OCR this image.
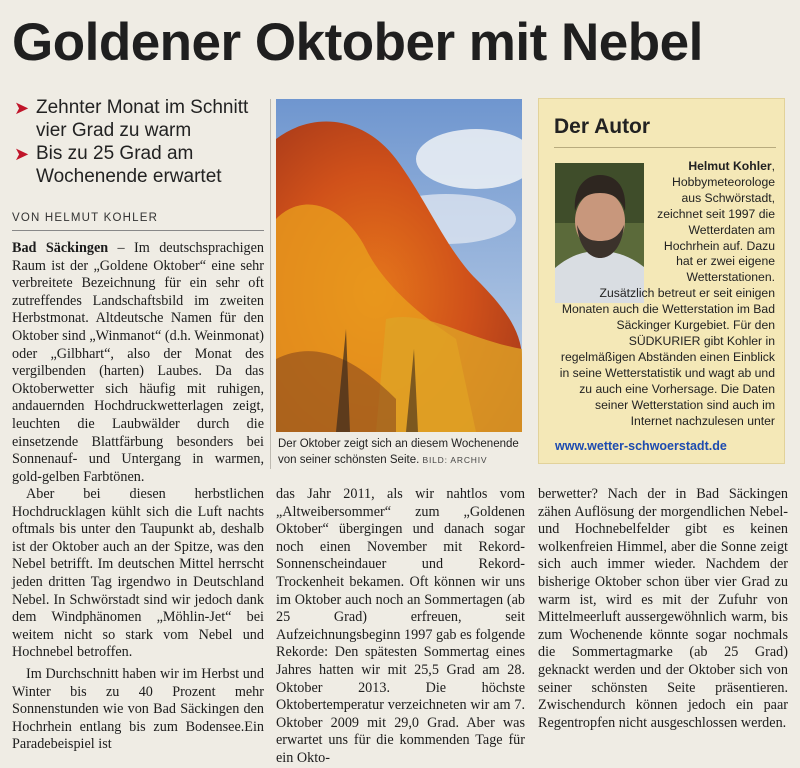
Goldener Oktober mit Nebel
➤ Zehnter Monat im Schnitt vier Grad zu warm
➤ Bis zu 25 Grad am Wochenende erwartet
VON HELMUT KOHLER

Bad Säckingen – Im deutschsprachigen Raum ist der „Goldene Oktober“ eine sehr verbreitete Bezeichnung für ein sehr oft zutreffendes Landschaftsbild im zweiten Herbstmonat. Altdeutsche Namen für den Oktober sind „Winmanot“ (d.h. Weinmonat) oder „Gilbhart“, also der Monat des vergilbenden (harten) Laubes. Da das Oktoberwetter sich häufig mit ruhigen, andauernden Hochdruckwetterlagen zeigt, leuchten die Laubwälder durch die einsetzende Blattfärbung besonders bei Sonnenauf- und Untergang in warmen, gold-gelben Farbtönen.

Aber bei diesen herbstlichen Hochdrucklagen kühlt sich die Luft nachts oftmals bis unter den Taupunkt ab, deshalb ist der Oktober auch an der Spitze, was den Nebel betrifft. Im deutschen Mittel herrscht jeden dritten Tag irgendwo in Deutschland Nebel. In Schwörstadt sind wir jedoch dank dem Windphänomen „Möhlin-Jet“ bei weitem nicht so stark vom Nebel und Hochnebel betroffen.

Im Durchschnitt haben wir im Herbst und Winter bis zu 40 Prozent mehr Sonnenstunden wie von Bad Säckingen den Hochrhein entlang bis zum Bodensee.Ein Paradebeispiel ist

Der Oktober zeigt sich an diesem Wochenende von seiner schönsten Seite. BILD: ARCHIV
Der Autor
Helmut Kohler, Hobbymeteorologe aus Schwörstadt, zeichnet seit 1997 die Wetterdaten am Hochrhein auf. Dazu hat er zwei eigene Wetterstationen.
Zusätzlich betreut er seit einigen Monaten auch die Wetterstation im Bad Säckinger Kurgebiet. Für den SÜDKURIER gibt Kohler in regelmäßigen Abständen einen Einblick in seine Wetterstatistik und wagt ab und zu auch eine Vorhersage. Die Daten seiner Wetterstation sind auch im Internet nachzulesen unter
www.wetter-schwoerstadt.de

das Jahr 2011, als wir nahtlos vom „Altweibersommer“ zum „Goldenen Oktober“ übergingen und danach sogar noch einen November mit Rekord-Sonnenscheindauer und Rekord-Trockenheit bekamen. Oft können wir uns im Oktober auch noch an Sommertagen (ab 25 Grad) erfreuen, seit Aufzeichnungsbeginn 1997 gab es folgende Rekorde: Den spätesten Sommertag eines Jahres hatten wir mit 25,5 Grad am 28. Oktober 2013. Die höchste Oktobertemperatur verzeichneten wir am 7. Oktober 2009 mit 29,0 Grad. Aber was erwartet uns für die kommenden Tage für ein Okto-

berwetter? Nach der in Bad Säckingen zähen Auflösung der morgendlichen Nebel- und Hochnebelfelder gibt es keinen wolkenfreien Himmel, aber die Sonne zeigt sich auch immer wieder. Nachdem der bisherige Oktober schon über vier Grad zu warm ist, wird es mit der Zufuhr von Mittelmeerluft aussergewöhnlich warm, bis zum Wochenende könnte sogar nochmals die Sommertagmarke (ab 25 Grad) geknackt werden und der Oktober sich von seiner schönsten Seite präsentieren. Zwischendurch können jedoch ein paar Regentropfen nicht ausgeschlossen werden.
